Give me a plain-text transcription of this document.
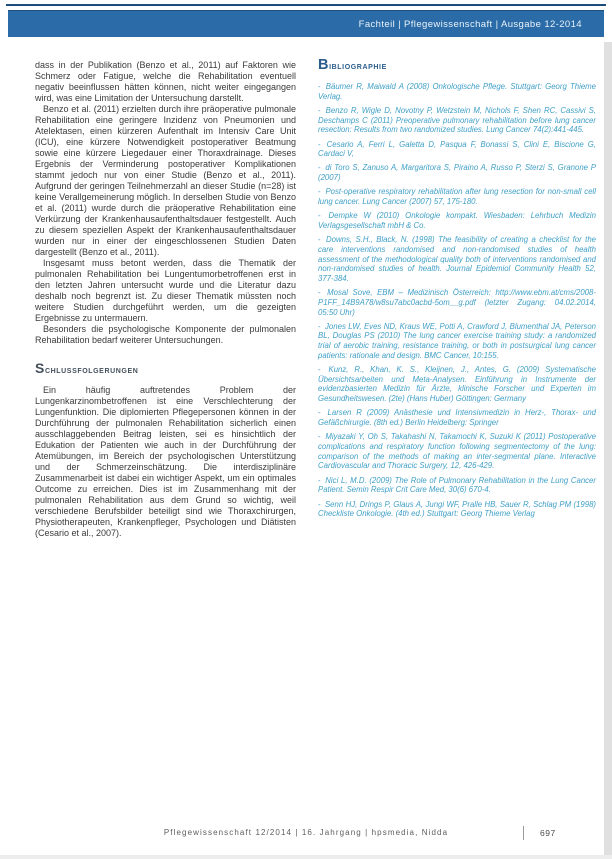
Fachteil | Pflegewissenschaft | Ausgabe 12-2014

dass in der Publikation (Benzo et al., 2011) auf Faktoren wie Schmerz oder Fatigue, welche die Rehabilitation eventuell negativ beeinflussen hätten können, nicht weiter eingegangen wird, was eine Limitation der Untersuchung darstellt.

Benzo et al. (2011) erzielten durch ihre präoperative pulmonale Rehabilitation eine geringere Inzidenz von Pneumonien und Atelektasen, einen kürzeren Aufenthalt im Intensiv Care Unit (ICU), eine kürzere Notwendigkeit postoperativer Beatmung sowie eine kürzere Liegedauer einer Thoraxdrainage. Dieses Ergebnis der Verminderung postoperativer Komplikationen stammt jedoch nur von einer Studie (Benzo et al., 2011). Aufgrund der geringen Teilnehmerzahl an dieser Studie (n=28) ist keine Verallgemeinerung möglich. In derselben Studie von Benzo et al. (2011) wurde durch die präoperative Rehabilitation eine Verkürzung der Krankenhausaufenthaltsdauer festgestellt. Auch zu diesem speziellen Aspekt der Krankenhausaufenthaltsdauer wurden nur in einer der eingeschlossenen Studien Daten dargestellt (Benzo et al., 2011).

Insgesamt muss betont werden, dass die Thematik der pulmonalen Rehabilitation bei Lungentumorbetroffenen erst in den letzten Jahren untersucht wurde und die Literatur dazu deshalb noch begrenzt ist. Zu dieser Thematik müssten noch weitere Studien durchgeführt werden, um die gezeigten Ergebnisse zu untermauern.

Besonders die psychologische Komponente der pulmonalen Rehabilitation bedarf weiterer Untersuchungen.

Schlussfolgerungen

Ein häufig auftretendes Problem der Lungenkarzinombetroffenen ist eine Verschlechterung der Lungenfunktion. Die diplomierten Pflegepersonen können in der Durchführung der pulmonalen Rehabilitation sicherlich einen ausschlaggebenden Beitrag leisten, sei es hinsichtlich der Edukation der Patienten wie auch in der Durchführung der Atemübungen, im Bereich der psychologischen Unterstützung und der Schmerzeinschätzung. Die interdisziplinäre Zusammenarbeit ist dabei ein wichtiger Aspekt, um ein optimales Outcome zu erreichen. Dies ist im Zusammenhang mit der pulmonalen Rehabilitation aus dem Grund so wichtig, weil verschiedene Berufsbilder beteiligt sind wie Thoraxchirurgen, Physiotherapeuten, Krankenpfleger, Psychologen und Diätisten (Cesario et al., 2007).

Bibliographie
- Bäumer R, Maiwald A (2008) Onkologische Pflege. Stuttgart: Georg Thieme Verlag.
- Benzo R, Wigle D, Novotny P, Wetzstein M, Nichols F, Shen RC, Cassivi S, Deschamps C (2011) Preoperative pulmonary rehabilitation before lung cancer resection: Results from two randomized studies. Lung Cancer 74(2):441-445.
- Cesario A, Ferri L, Galetta D, Pasqua F, Bonassi S, Clini E, Biscione G, Cardaci V,
- di Toro S, Zanuso A, Margaritora S, Piraino A, Russo P, Sterzi S, Granone P (2007)
- Post-operative respiratory rehabilitation after lung resection for non-small cell lung cancer. Lung Cancer (2007) 57, 175-180.
- Dempke W (2010) Onkologie kompakt. Wiesbaden: Lehrbuch Medizin Verlagsgesellschaft mbH & Co.
- Downs, S.H., Black, N. (1998) The feasibility of creating a checklist for the care interventions randomised and non-randomised studies of health assessment of the methodological quality both of interventions randomised and non-randomised studies of health. Journal Epidemiol Community Health 52, 377-384.
- Mosal Sove, EBM – Medizinisch Österreich: http://www.ebm.at/cms/2008-P1FF_14B9A78/w8su7abc0acbd-5om__g.pdf (letzter Zugang: 04.02.2014, 05:50 Uhr)
- Jones LW, Eves ND, Kraus WE, Potti A, Crawford J, Blumenthal JA, Peterson BL, Douglas PS (2010) The lung cancer exercise training study: a randomized trial of aerobic training, resistance training, or both in postsurgical lung cancer patients: rationale and design. BMC Cancer, 10:155.
- Kunz, R., Khan, K. S., Kleijnen, J., Antes, G. (2009) Systematische Übersichtsarbeiten und Meta-Analysen. Einführung in Instrumente der evidenzbasierten Medizin für Ärzte, klinische Forscher und Experten im Gesundheitswesen. (2te) (Hans Huber) Göttingen: Germany
- Larsen R (2009) Anästhesie und Intensivmedizin in Herz-, Thorax- und Gefäßchirurgie. (8th ed.) Berlin Heidelberg: Springer
- Miyazaki Y, Oh S, Takahashi N, Takamochi K, Suzuki K (2011) Postoperative complications and respiratory function following segmentectomy of the lung: comparison of the methods of making an inter-segmental plane. Interactive Cardiovascular and Thoracic Surgery, 12, 426-429.
- Nici L, M.D. (2009) The Role of Pulmonary Rehabilitation in the Lung Cancer Patient. Semin Respir Crit Care Med, 30(6) 670-4.
- Senn HJ, Drings P, Glaus A, Jungi WF, Pralle HB, Sauer R, Schlag PM (1998) Checkliste Onkologie. (4th ed.) Stuttgart: Georg Thieme Verlag
Pflegewissenschaft 12/2014 | 16. Jahrgang | hpsmedia, Nidda	697
